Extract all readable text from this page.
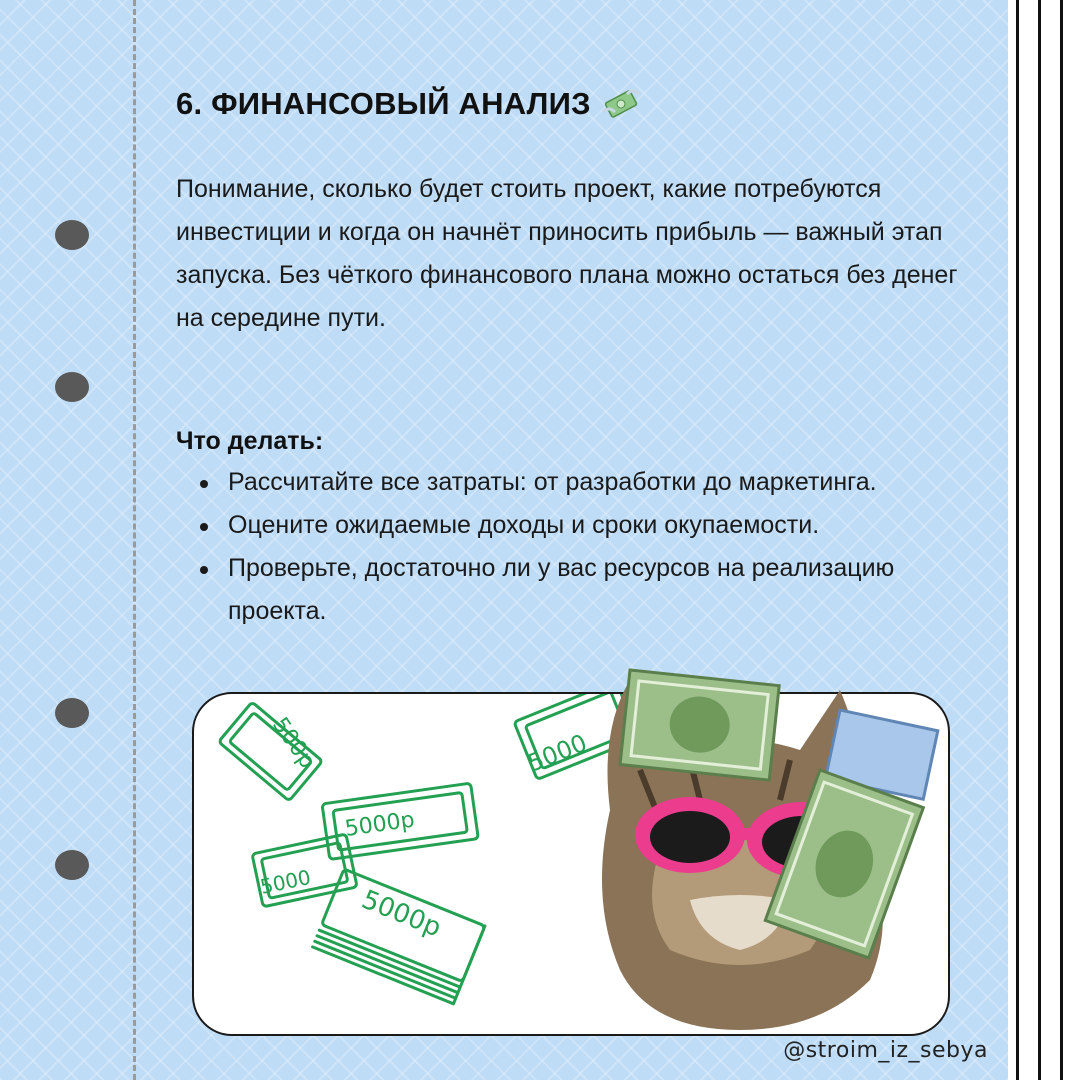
6. ФИНАНСОВЫЙ АНАЛИЗ

Понимание, сколько будет стоить проект, какие потребуются инвестиции и когда он начнёт приносить прибыль — важный этап запуска. Без чёткого финансового плана можно остаться без денег на середине пути.

Что делать:

Рассчитайте все затраты: от разработки до маркетинга.
Оцените ожидаемые доходы и сроки окупаемости.
Проверьте, достаточно ли у вас ресурсов на реализацию проекта.
500р
5000р
5000
5000р
5000

@stroim_iz_sebya
